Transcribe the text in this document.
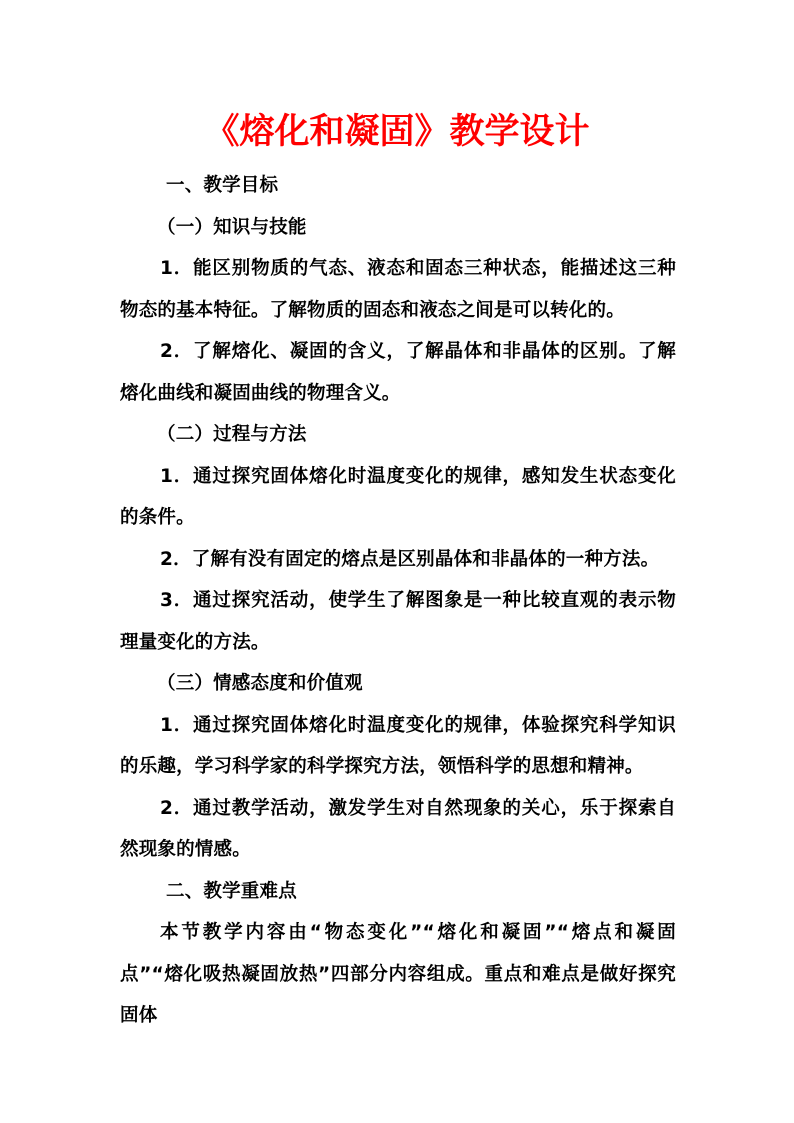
《熔化和凝固》教学设计

一、教学目标

（一）知识与技能

1．能区别物质的气态、液态和固态三种状态，能描述这三种物态的基本特征。了解物质的固态和液态之间是可以转化的。

2．了解熔化、凝固的含义，了解晶体和非晶体的区别。了解熔化曲线和凝固曲线的物理含义。

（二）过程与方法

1．通过探究固体熔化时温度变化的规律，感知发生状态变化的条件。

2．了解有没有固定的熔点是区别晶体和非晶体的一种方法。

3．通过探究活动，使学生了解图象是一种比较直观的表示物理量变化的方法。

（三）情感态度和价值观

1．通过探究固体熔化时温度变化的规律，体验探究科学知识的乐趣，学习科学家的科学探究方法，领悟科学的思想和精神。

2．通过教学活动，激发学生对自然现象的关心，乐于探索自然现象的情感。

二、教学重难点

本节教学内容由“物态变化”“熔化和凝固”“熔点和凝固点”“熔化吸热凝固放热”四部分内容组成。重点和难点是做好探究固体
